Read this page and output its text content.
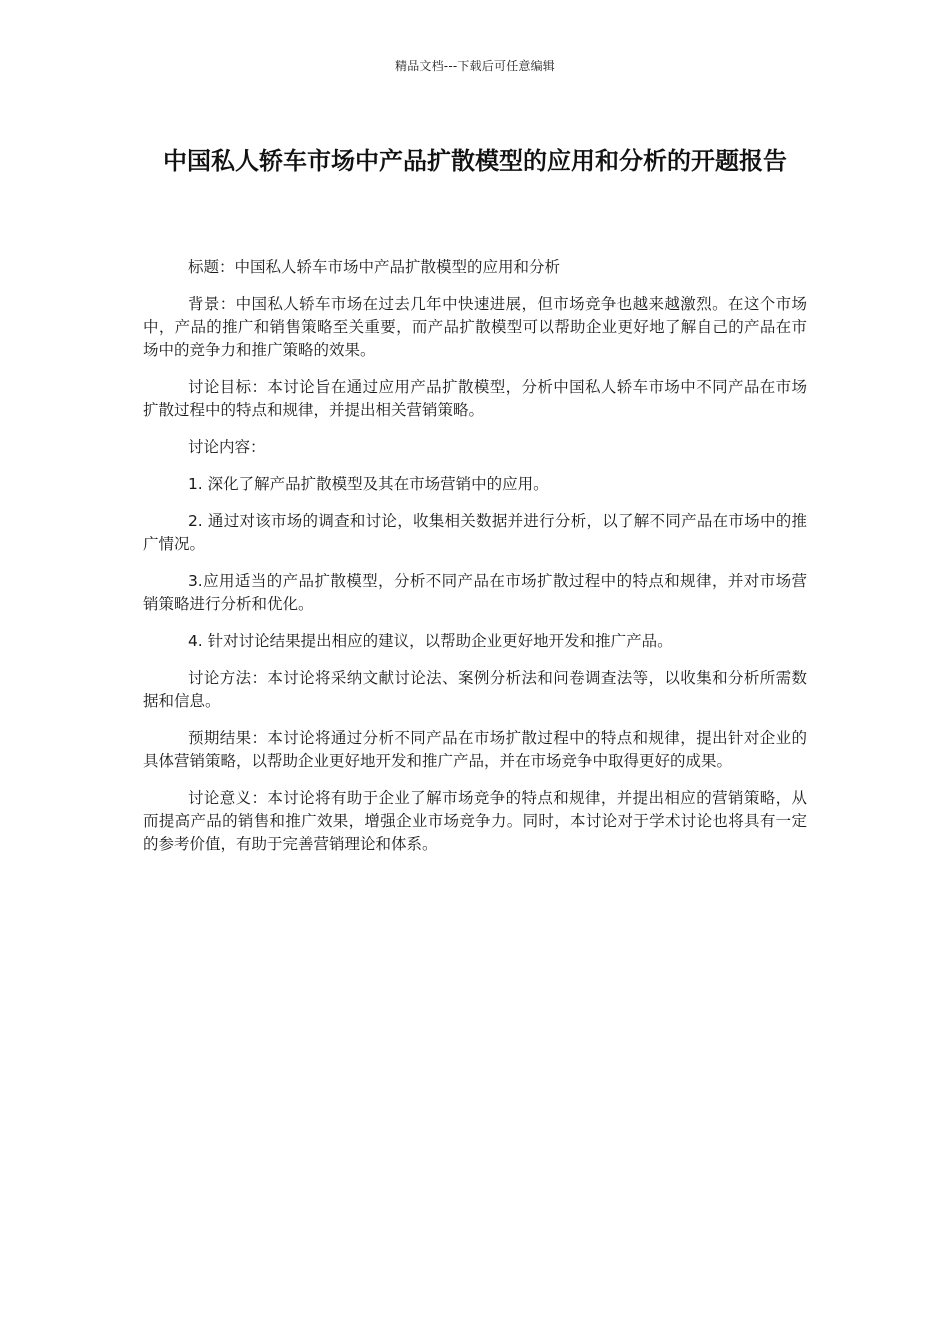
精品文档---下载后可任意编辑
中国私人轿车市场中产品扩散模型的应用和分析的开题报告

标题：中国私人轿车市场中产品扩散模型的应用和分析

背景：中国私人轿车市场在过去几年中快速进展，但市场竞争也越来越激烈。在这个市场中，产品的推广和销售策略至关重要，而产品扩散模型可以帮助企业更好地了解自己的产品在市场中的竞争力和推广策略的效果。

讨论目标：本讨论旨在通过应用产品扩散模型，分析中国私人轿车市场中不同产品在市场扩散过程中的特点和规律，并提出相关营销策略。

讨论内容：

1. 深化了解产品扩散模型及其在市场营销中的应用。

2. 通过对该市场的调查和讨论，收集相关数据并进行分析，以了解不同产品在市场中的推广情况。

3.应用适当的产品扩散模型，分析不同产品在市场扩散过程中的特点和规律，并对市场营销策略进行分析和优化。

4. 针对讨论结果提出相应的建议，以帮助企业更好地开发和推广产品。

讨论方法：本讨论将采纳文献讨论法、案例分析法和问卷调查法等，以收集和分析所需数据和信息。

预期结果：本讨论将通过分析不同产品在市场扩散过程中的特点和规律，提出针对企业的具体营销策略，以帮助企业更好地开发和推广产品，并在市场竞争中取得更好的成果。

讨论意义：本讨论将有助于企业了解市场竞争的特点和规律，并提出相应的营销策略，从而提高产品的销售和推广效果，增强企业市场竞争力。同时，本讨论对于学术讨论也将具有一定的参考价值，有助于完善营销理论和体系。
